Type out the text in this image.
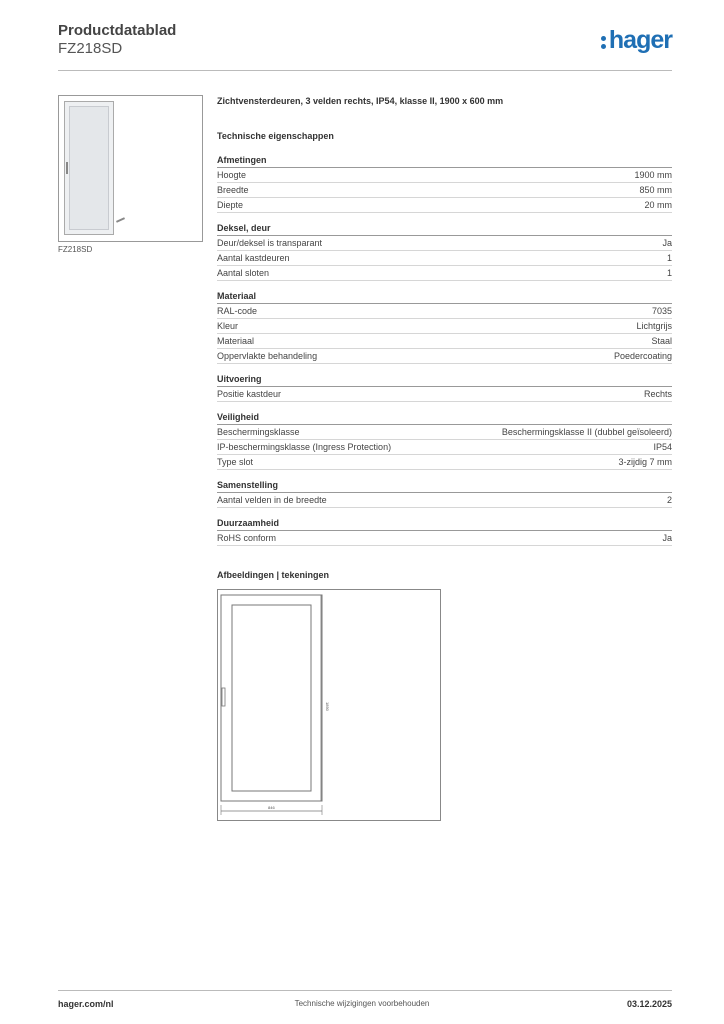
Productdatablad
FZ218SD	hager
FZ218SD
Zichtvensterdeuren, 3 velden rechts, IP54, klasse II, 1900 x 600 mm
Technische eigenschappen
Afmetingen
Hoogte	1900 mm
Breedte	850 mm
Diepte	20 mm
Deksel, deur
Deur/deksel is transparant	Ja
Aantal kastdeuren	1
Aantal sloten	1
Materiaal
RAL-code	7035
Kleur	Lichtgrijs
Materiaal	Staal
Oppervlakte behandeling	Poedercoating
Uitvoering
Positie kastdeur	Rechts
Veiligheid
Beschermingsklasse	Beschermingsklasse II (dubbel geïsoleerd)
IP-beschermingsklasse (Ingress Protection)	IP54
Type slot	3-zijdig 7 mm
Samenstelling
Aantal velden in de breedte	2
Duurzaamheid
RoHS conform	Ja
Afbeeldingen | tekeningen
1890
846
hager.com/nl	Technische wijzigingen voorbehouden	03.12.2025
